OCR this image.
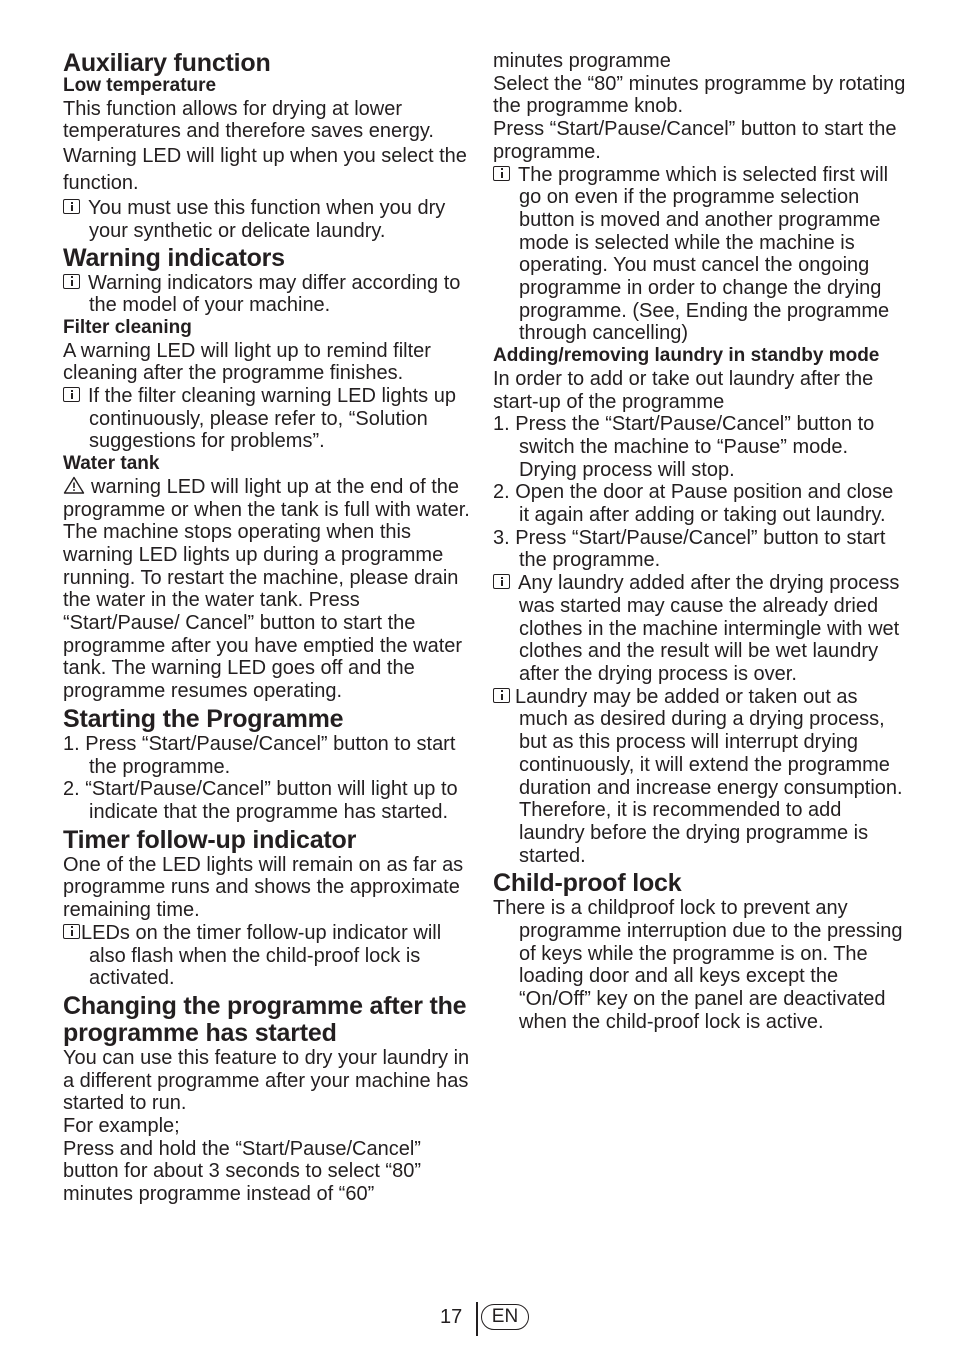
Auxiliary function
Low temperature

This function allows for drying at lower temperatures and therefore saves energy.

Warning LED will light up when you select the function.

You must use this function when you dry your synthetic or delicate laundry.

Warning indicators

Warning indicators may differ according to the model of your machine.

Filter cleaning

A warning LED will light up to remind filter cleaning after the programme finishes.

If the filter cleaning warning LED lights up continuously, please refer to, “Solution suggestions for problems”.

Water tank

warning LED will light up at the end of the programme or when the tank is full with water. The machine stops operating when this warning LED lights up during a programme running. To restart the machine, please drain the water in the water tank. Press “Start/Pause/ Cancel” button to start the programme after you have emptied the water tank. The warning LED goes off and the programme resumes operating.

Starting the Programme
1. Press “Start/Pause/Cancel” button to start the programme.
2. “Start/Pause/Cancel” button will light up to indicate that the programme has started.
Timer follow-up indicator

One of the LED lights will remain on as far as programme runs and shows the approximate remaining time.

LEDs on the timer follow-up indicator will also flash when the child-proof lock is activated.

Changing the programme after the programme has started

You can use this feature to dry your laundry in a different programme after your machine has started to run.

For example;

Press and hold the “Start/Pause/Cancel” button for about 3 seconds to select “80” minutes programme instead of “60”

minutes programme

Select the “80” minutes programme by rotating the programme knob.

Press “Start/Pause/Cancel” button to start the programme.

The programme which is selected first will go on even if the programme selection button is moved and another programme mode is selected while the machine is operating. You must cancel the ongoing programme in order to change the drying programme. (See, Ending the programme through cancelling)

Adding/removing laundry in standby mode

In order to add or take out laundry after the start-up of the programme

1. Press the “Start/Pause/Cancel” button to switch the machine to “Pause” mode. Drying process will stop.
2. Open the door at Pause position and close it again after adding or taking out laundry.
3. Press “Start/Pause/Cancel” button to start the programme.

Any laundry added after the drying process was started may cause the already dried clothes in the machine intermingle with wet clothes and the result will be wet laundry after the drying process is over.

Laundry may be added or taken out as much as desired during a drying process, but as this process will interrupt drying continuously, it will extend the programme duration and increase energy consumption. Therefore, it is recommended to add laundry before the drying programme is started.

Child-proof lock

There is a childproof lock to prevent any programme interruption due to the pressing of keys while the programme is on. The loading door and all keys except the “On/Off” key on the panel are deactivated when the child-proof lock is active.

17	EN
